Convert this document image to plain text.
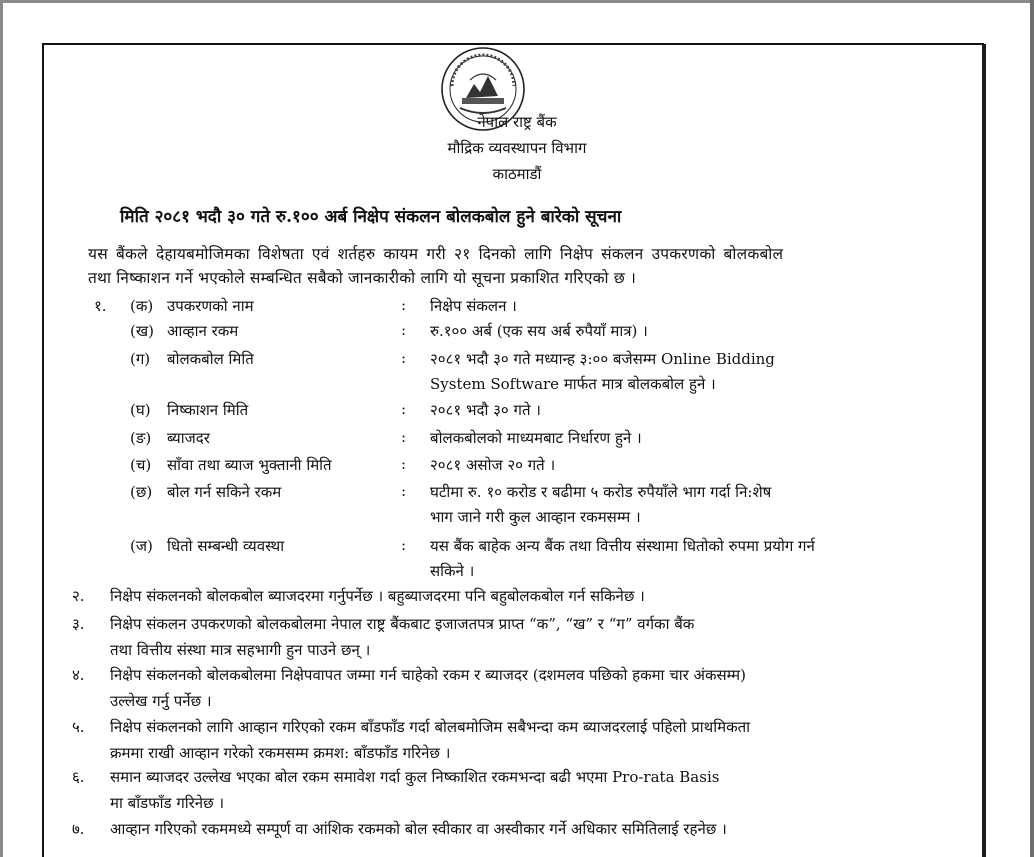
नेपाल राष्ट्र बैंक
मौद्रिक व्यवस्थापन विभाग
काठमाडौं
मिति २०८१ भदौ ३० गते रु.१०० अर्ब निक्षेप संकलन बोलकबोल हुने बारेको सूचना
यस बैंकले देहायबमोजिमका विशेषता एवं शर्तहरु कायम गरी २१ दिनको लागि निक्षेप संकलन उपकरणको बोलकबोल
तथा निष्काशन गर्ने भएकोले सम्बन्धित सबैको जानकारीको लागि यो सूचना प्रकाशित गरिएको छ ।
१. (क) उपकरणको नाम	: निक्षेप संकलन ।
(ख) आव्हान रकम	: रु.१०० अर्ब (एक सय अर्ब रुपैयाँ मात्र) ।
(ग) बोलकबोल मिति	: २०८१ भदौ ३० गते मध्यान्ह ३:०० बजेसम्म Online Bidding
System Software मार्फत मात्र बोलकबोल हुने ।
(घ) निष्काशन मिति	: २०८१ भदौ ३० गते ।
(ङ) ब्याजदर	: बोलकबोलको माध्यमबाट निर्धारण हुने ।
(च) साँवा तथा ब्याज भुक्तानी मिति	: २०८१ असोज २० गते ।
(छ) बोल गर्न सकिने रकम	: घटीमा रु. १० करोड र बढीमा ५ करोड रुपैयाँले भाग गर्दा नि:शेष
भाग जाने गरी कुल आव्हान रकमसम्म ।
(ज) धितो सम्बन्धी व्यवस्था	: यस बैंक बाहेक अन्य बैंक तथा वित्तीय संस्थामा धितोको रुपमा प्रयोग गर्न
सकिने ।
२. निक्षेप संकलनको बोलकबोल ब्याजदरमा गर्नुपर्नेछ । बहुब्याजदरमा पनि बहुबोलकबोल गर्न सकिनेछ ।
३. निक्षेप संकलन उपकरणको बोलकबोलमा नेपाल राष्ट्र बैंकबाट इजाजतपत्र प्राप्त “क”, “ख” र “ग” वर्गका बैंक
तथा वित्तीय संस्था मात्र सहभागी हुन पाउने छन् ।
४. निक्षेप संकलनको बोलकबोलमा निक्षेपवापत जम्मा गर्न चाहेको रकम र ब्याजदर (दशमलव पछिको हकमा चार अंकसम्म)
उल्लेख गर्नु पर्नेछ ।
५. निक्षेप संकलनको लागि आव्हान गरिएको रकम बाँडफाँड गर्दा बोलबमोजिम सबैभन्दा कम ब्याजदरलाई पहिलो प्राथमिकता
क्रममा राखी आव्हान गरेको रकमसम्म क्रमश: बाँडफाँड गरिनेछ ।
६. समान ब्याजदर उल्लेख भएका बोल रकम समावेश गर्दा कुल निष्काशित रकमभन्दा बढी भएमा Pro-rata Basis
मा बाँडफाँड गरिनेछ ।
७. आव्हान गरिएको रकममध्ये सम्पूर्ण वा आंशिक रकमको बोल स्वीकार वा अस्वीकार गर्ने अधिकार समितिलाई रहनेछ ।
